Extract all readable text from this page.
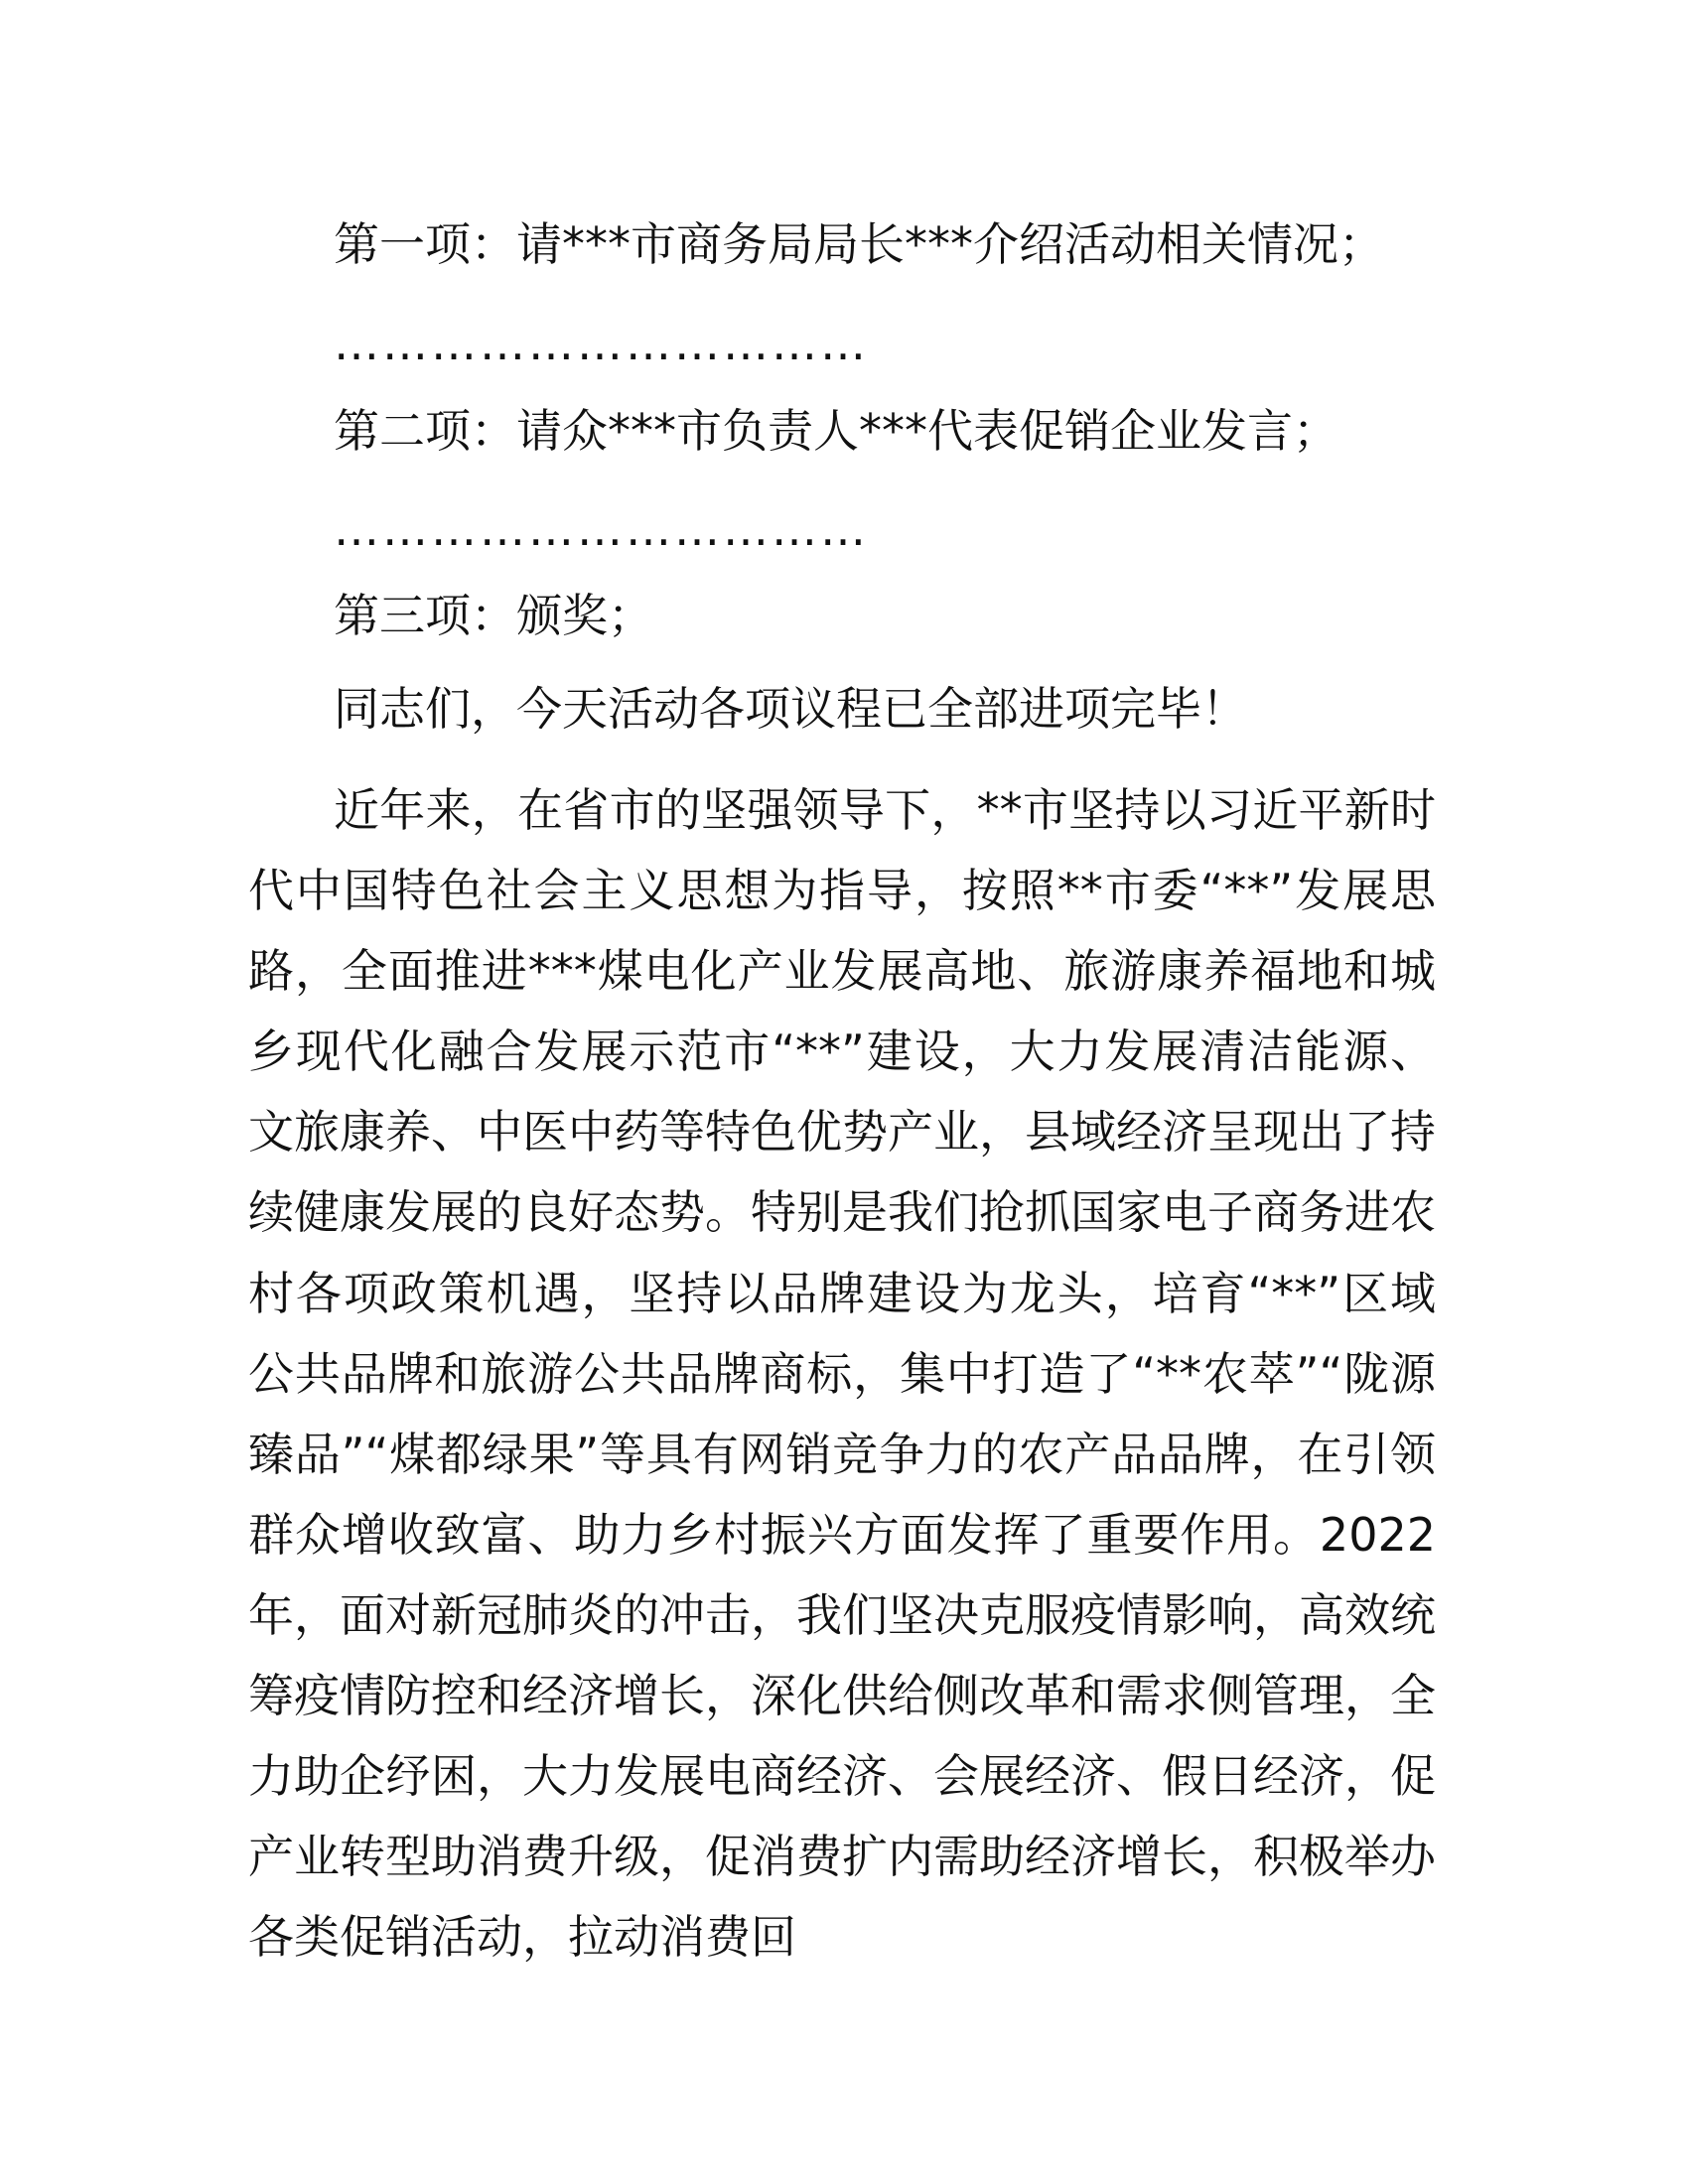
第一项：请***市商务局局长***介绍活动相关情况；
……………………………
第二项：请众***市负责人***代表促销企业发言；
……………………………
第三项：颁奖；
同志们，今天活动各项议程已全部进项完毕！

近年来，在省市的坚强领导下，**市坚持以习近平新时代中国特色社会主义思想为指导，按照**市委“**”发展思路，全面推进***煤电化产业发展高地、旅游康养福地和城乡现代化融合发展示范市“**”建设，大力发展清洁能源、文旅康养、中医中药等特色优势产业，县域经济呈现出了持续健康发展的良好态势。特别是我们抢抓国家电子商务进农村各项政策机遇，坚持以品牌建设为龙头，培育“**”区域公共品牌和旅游公共品牌商标，集中打造了“**农萃”“陇源臻品”“煤都绿果”等具有网销竞争力的农产品品牌，在引领群众增收致富、助力乡村振兴方面发挥了重要作用。2022 年，面对新冠肺炎的冲击，我们坚决克服疫情影响，高效统筹疫情防控和经济增长，深化供给侧改革和需求侧管理，全力助企纾困，大力发展电商经济、会展经济、假日经济，促产业转型助消费升级，促消费扩内需助经济增长，积极举办各类促销活动，拉动消费回
